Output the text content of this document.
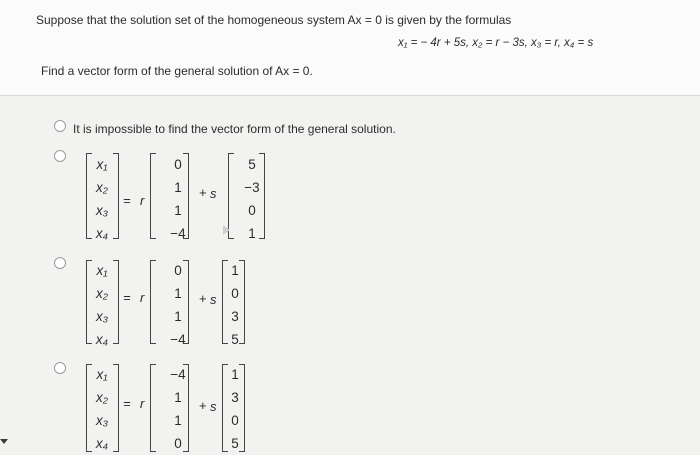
Suppose that the solution set of the homogeneous system Ax = 0 is given by the formulas
x₁ = − 4r + 5s, x₂ = r − 3s, x₃ = r, x₄ = s
Find a vector form of the general solution of Ax = 0.
It is impossible to find the vector form of the general solution.
x₁
x₂
x₃
x₄
= r
0
1
1
−4
+ s
5
−3
0
1
x₁
x₂
x₃
x₄
= r
0
1
1
−4
+ s
1
0
3
5
x₁
x₂
x₃
x₄
= r
−4
1
1
0
+ s
1
3
0
5
